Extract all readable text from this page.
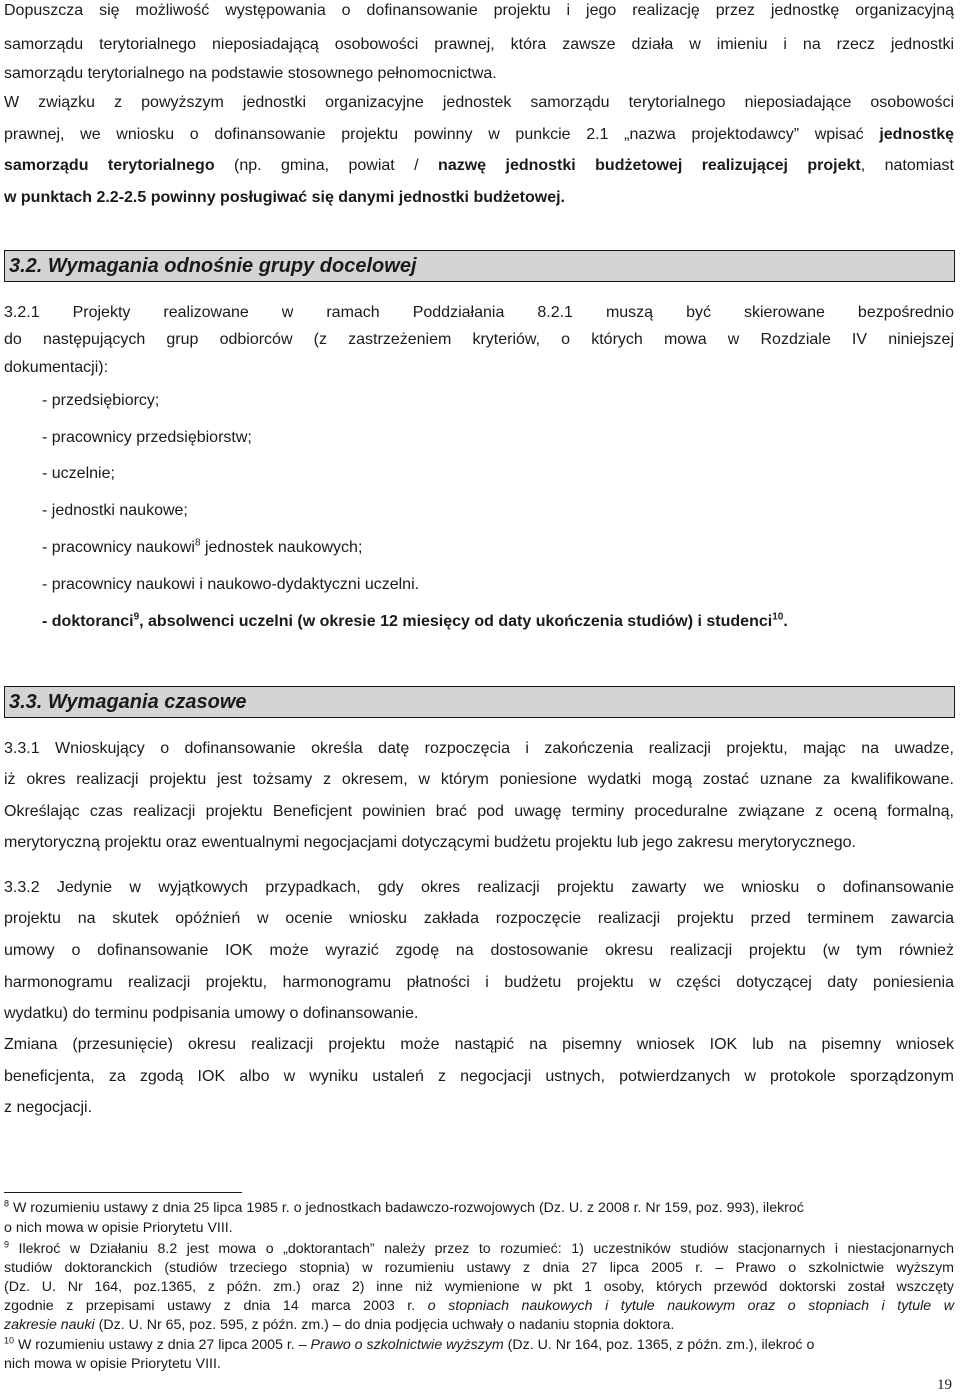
Dopuszcza się możliwość występowania o dofinansowanie projektu i jego realizację przez jednostkę organizacyjną
samorządu terytorialnego nieposiadającą osobowości prawnej, która zawsze działa w imieniu i na rzecz jednostki
samorządu terytorialnego na podstawie stosownego pełnomocnictwa.
W związku z powyższym jednostki organizacyjne jednostek samorządu terytorialnego nieposiadające osobowości
prawnej, we wniosku o dofinansowanie projektu powinny w punkcie 2.1 „nazwa projektodawcy” wpisać jednostkę
samorządu terytorialnego (np. gmina, powiat / nazwę jednostki budżetowej realizującej projekt, natomiast
w punktach 2.2-2.5 powinny posługiwać się danymi jednostki budżetowej.
3.2. Wymagania odnośnie grupy docelowej
3.2.1 Projekty realizowane w ramach Poddziałania 8.2.1 muszą być skierowane bezpośrednio
do następujących grup odbiorców (z zastrzeżeniem kryteriów, o których mowa w Rozdziale IV niniejszej
dokumentacji):
- przedsiębiorcy;
- pracownicy przedsiębiorstw;
- uczelnie;
- jednostki naukowe;
- pracownicy naukowi$^8$ jednostek naukowych;
- pracownicy naukowi i naukowo-dydaktyczni uczelni.
- doktoranci$^9$, absolwenci uczelni (w okresie 12 miesięcy od daty ukończenia studiów) i studenci$^{10}$.
3.3. Wymagania czasowe
3.3.1 Wnioskujący o dofinansowanie określa datę rozpoczęcia i zakończenia realizacji projektu, mając na uwadze,
iż okres realizacji projektu jest tożsamy z okresem, w którym poniesione wydatki mogą zostać uznane za kwalifikowane.
Określając czas realizacji projektu Beneficjent powinien brać pod uwagę terminy proceduralne związane z oceną formalną,
merytoryczną projektu oraz ewentualnymi negocjacjami dotyczącymi budżetu projektu lub jego zakresu merytorycznego.
3.3.2 Jedynie w wyjątkowych przypadkach, gdy okres realizacji projektu zawarty we wniosku o dofinansowanie
projektu na skutek opóźnień w ocenie wniosku zakłada rozpoczęcie realizacji projektu przed terminem zawarcia
umowy o dofinansowanie IOK może wyrazić zgodę na dostosowanie okresu realizacji projektu (w tym również
harmonogramu realizacji projektu, harmonogramu płatności i budżetu projektu w części dotyczącej daty poniesienia
wydatku) do terminu podpisania umowy o dofinansowanie.
Zmiana (przesunięcie) okresu realizacji projektu może nastąpić na pisemny wniosek IOK lub na pisemny wniosek
beneficjenta, za zgodą IOK albo w wyniku ustaleń z negocjacji ustnych, potwierdzanych w protokole sporządzonym
z negocjacji.
$^8$ W rozumieniu ustawy z dnia 25 lipca 1985 r. o jednostkach badawczo-rozwojowych (Dz. U. z 2008 r. Nr 159, poz. 993), ilekroć
o nich mowa w opisie Priorytetu VIII.
$^9$ Ilekroć w Działaniu 8.2 jest mowa o „doktorantach” należy przez to rozumieć: 1) uczestników studiów stacjonarnych i niestacjonarnych
studiów doktoranckich (studiów trzeciego stopnia) w rozumieniu ustawy z dnia 27 lipca 2005 r. – Prawo o szkolnictwie wyższym
(Dz. U. Nr 164, poz.1365, z późn. zm.) oraz 2) inne niż wymienione w pkt 1 osoby, których przewód doktorski został wszczęty
zgodnie z przepisami ustawy z dnia 14 marca 2003 r. o stopniach naukowych i tytule naukowym oraz o stopniach i tytule w
zakresie nauki (Dz. U. Nr 65, poz. 595, z późn. zm.) – do dnia podjęcia uchwały o nadaniu stopnia doktora.
$^{10}$ W rozumieniu ustawy z dnia 27 lipca 2005 r. – Prawo o szkolnictwie wyższym (Dz. U. Nr 164, poz. 1365, z późn. zm.), ilekroć o
nich mowa w opisie Priorytetu VIII.
19
